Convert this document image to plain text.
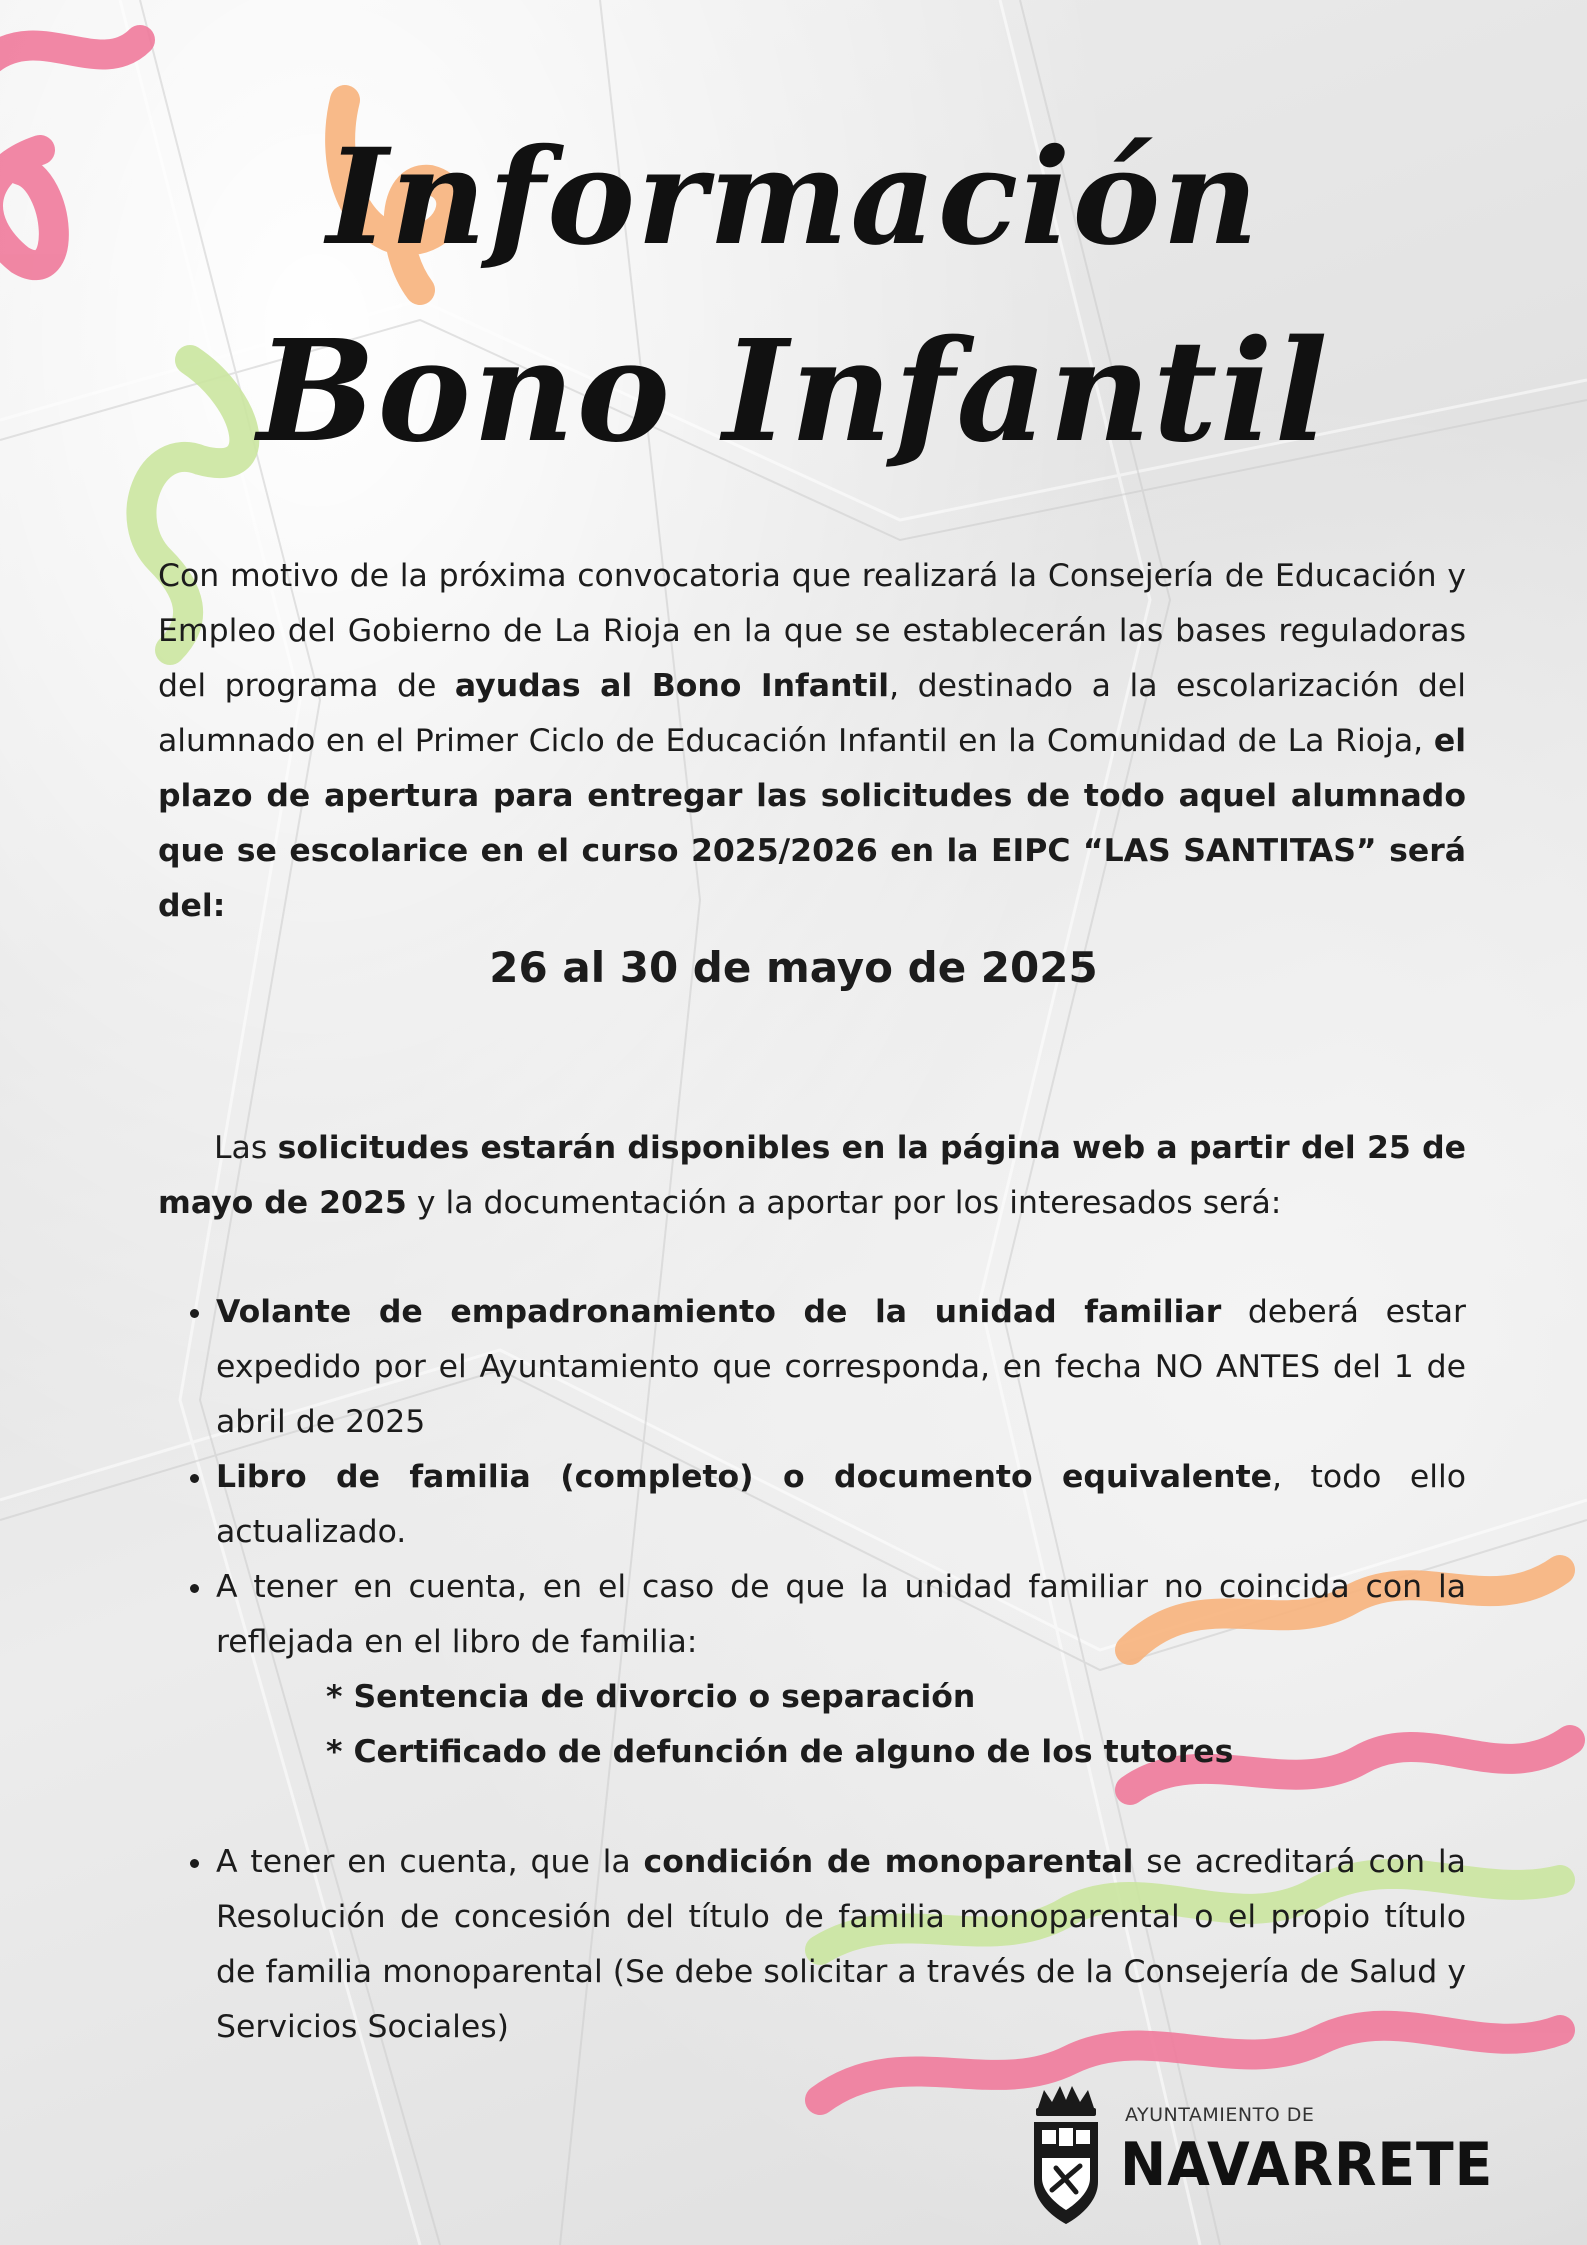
Información
Bono Infantil

Con motivo de la próxima convocatoria que realizará la Consejería de Educación y Empleo del Gobierno de La Rioja en la que se establecerán las bases reguladoras del programa de ayudas al Bono Infantil, destinado a la escolarización del alumnado en el Primer Ciclo de Educación Infantil en la Comunidad de La Rioja, el plazo de apertura para entregar las solicitudes de todo aquel alumnado que se escolarice en el curso 2025/2026 en la EIPC “LAS SANTITAS” será del:

26 al 30 de mayo de 2025

Las solicitudes estarán disponibles en la página web a partir del 25 de mayo de 2025 y la documentación a aportar por los interesados será:

Volante de empadronamiento de la unidad familiar deberá estar expedido por el Ayuntamiento que corresponda, en fecha NO ANTES del 1 de abril de 2025
Libro de familia (completo) o documento equivalente, todo ello actualizado.
A tener en cuenta, en el caso de que la unidad familiar no coincida con la reflejada en el libro de familia:
* Sentencia de divorcio o separación
* Certificado de defunción de alguno de los tutores
A tener en cuenta, que la condición de monoparental se acreditará con la Resolución de concesión del título de familia monoparental o el propio título de familia monoparental (Se debe solicitar a través de la Consejería de Salud y Servicios Sociales)
AYUNTAMIENTO DE
NAVARRETE
